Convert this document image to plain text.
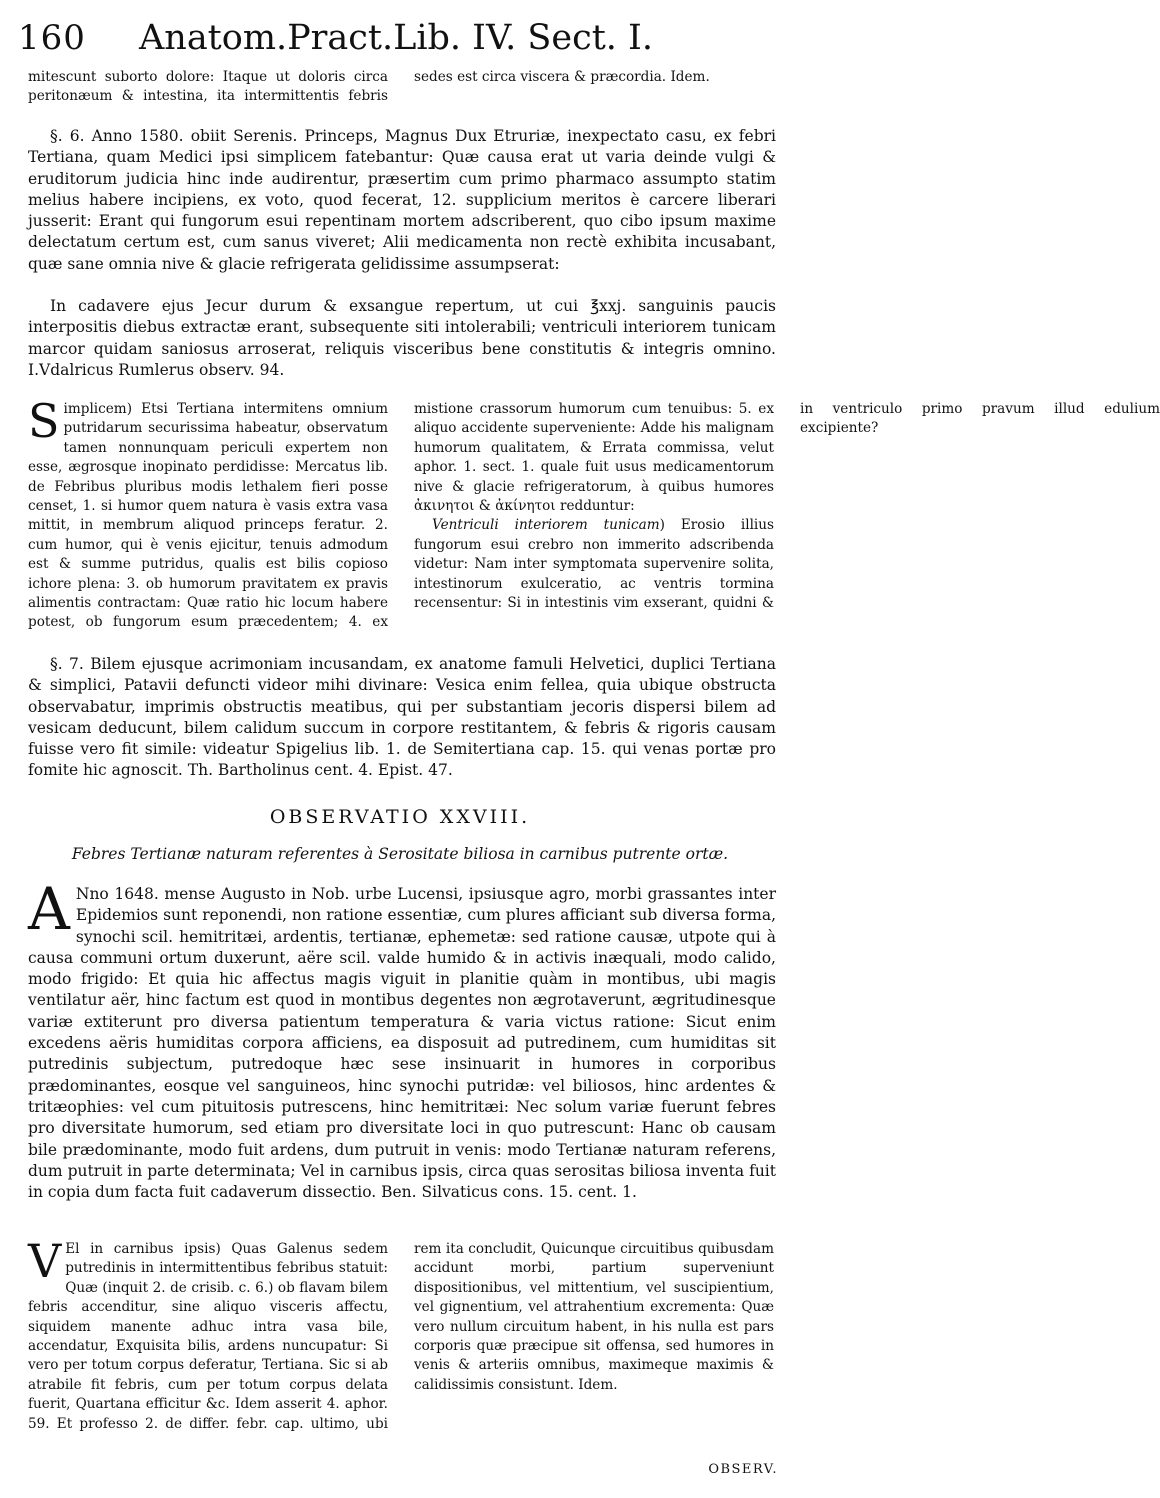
160 Anatom.Pract.Lib. IV. Sect. I.

mitescunt suborto dolore: Itaque ut doloris circa peritonæum & intestina, ita intermittentis febris sedes est circa viscera & præcordia. Idem.

§. 6. Anno 1580. obiit Serenis. Princeps, Magnus Dux Etruriæ, inexpectato casu, ex febri Tertiana, quam Medici ipsi simplicem fatebantur: Quæ causa erat ut varia deinde vulgi & eruditorum judicia hinc inde audirentur, præsertim cum primo pharmaco assumpto statim melius habere incipiens, ex voto, quod fecerat, 12. supplicium meritos è carcere liberari jusserit: Erant qui fungorum esui repentinam mortem adscriberent, quo cibo ipsum maxime delectatum certum est, cum sanus viveret; Alii medicamenta non rectè exhibita incusabant, quæ sane omnia nive & glacie refrigerata gelidissime assumpserat:

In cadavere ejus Jecur durum & exsangue repertum, ut cui ℥xxj. sanguinis paucis interpositis diebus extractæ erant, subsequente siti intolerabili; ventriculi interiorem tunicam marcor quidam saniosus arroserat, reliquis visceribus bene constitutis & integris omnino. I.Vdalricus Rumlerus observ. 94.

Simplicem) Etsi Tertiana intermitens omnium putridarum securissima habeatur, observatum tamen nonnunquam periculi expertem non esse, ægrosque inopinato perdidisse: Mercatus lib. de Febribus pluribus modis lethalem fieri posse censet, 1. si humor quem natura è vasis extra vasa mittit, in membrum aliquod princeps feratur. 2. cum humor, qui è venis ejicitur, tenuis admodum est & summe putridus, qualis est bilis copioso ichore plena: 3. ob humorum pravitatem ex pravis alimentis contractam: Quæ ratio hic locum habere potest, ob fungorum esum præcedentem; 4. ex mistione crassorum humorum cum tenuibus: 5. ex aliquo accidente superveniente: Adde his malignam humorum qualitatem, & Errata commissa, velut aphor. 1. sect. 1. quale fuit usus medicamentorum nive & glacie refrigeratorum, à quibus humores ἀκινητοι & ἀκίνητοι redduntur:
Ventriculi interiorem tunicam) Erosio illius fungorum esui crebro non immerito adscribenda videtur: Nam inter symptomata supervenire solita, intestinorum exulceratio, ac ventris tormina recensentur: Si in intestinis vim exserant, quidni & in ventriculo primo pravum illud edulium excipiente?

§. 7. Bilem ejusque acrimoniam incusandam, ex anatome famuli Helvetici, duplici Tertiana & simplici, Patavii defuncti videor mihi divinare: Vesica enim fellea, quia ubique obstructa observabatur, imprimis obstructis meatibus, qui per substantiam jecoris dispersi bilem ad vesicam deducunt, bilem calidum succum in corpore restitantem, & febris & rigoris causam fuisse vero fit simile: videatur Spigelius lib. 1. de Semitertiana cap. 15. qui venas portæ pro fomite hic agnoscit. Th. Bartholinus cent. 4. Epist. 47.

OBSERVATIO XXVIII.
Febres Tertianæ naturam referentes à Serositate biliosa in carnibus putrente ortæ.
A Nno 1648. mense Augusto in Nob. urbe Lucensi, ipsiusque agro, morbi grassantes inter Epidemios sunt reponendi, non ratione essentiæ, cum plures afficiant sub diversa forma, synochi scil. hemitritæi, ardentis, tertianæ, ephemetæ: sed ratione causæ, utpote qui à causa communi ortum duxerunt, aëre scil. valde humido & in activis inæquali, modo calido, modo frigido: Et quia hic affectus magis viguit in planitie quàm in montibus, ubi magis ventilatur aër, hinc factum est quod in montibus degentes non ægrotaverunt, ægritudinesque variæ extiterunt pro diversa patientum temperatura & varia victus ratione: Sicut enim excedens aëris humiditas corpora afficiens, ea disposuit ad putredinem, cum humiditas sit putredinis subjectum, putredoque hæc sese insinuarit in humores in corporibus prædominantes, eosque vel sanguineos, hinc synochi putridæ: vel biliosos, hinc ardentes & tritæophies: vel cum pituitosis putrescens, hinc hemitritæi: Nec solum variæ fuerunt febres pro diversitate humorum, sed etiam pro diversitate loci in quo putrescunt: Hanc ob causam bile prædominante, modo fuit ardens, dum putruit in venis: modo Tertianæ naturam referens, dum putruit in parte determinata; Vel in carnibus ipsis, circa quas serositas biliosa inventa fuit in copia dum facta fuit cadaverum dissectio. Ben. Silvaticus cons. 15. cent. 1.
V El in carnibus ipsis) Quas Galenus sedem putredinis in intermittentibus febribus statuit: Quæ (inquit 2. de crisib. c. 6.) ob flavam bilem febris accenditur, sine aliquo visceris affectu, siquidem manente adhuc intra vasa bile, accendatur, Exquisita bilis, ardens nuncupatur: Si vero per totum corpus deferatur, Tertiana. Sic si ab atrabile fit febris, cum per totum corpus delata fuerit, Quartana efficitur &c. Idem asserit 4. aphor. 59. Et professo 2. de differ. febr. cap. ultimo, ubi rem ita concludit, Quicunque circuitibus quibusdam accidunt morbi, partium superveniunt dispositionibus, vel mittentium, vel suscipientium, vel gignentium, vel attrahentium excrementa: Quæ vero nullum circuitum habent, in his nulla est pars corporis quæ præcipue sit offensa, sed humores in venis & arteriis omnibus, maximeque maximis & calidissimis consistunt. Idem.
OBSERV.
